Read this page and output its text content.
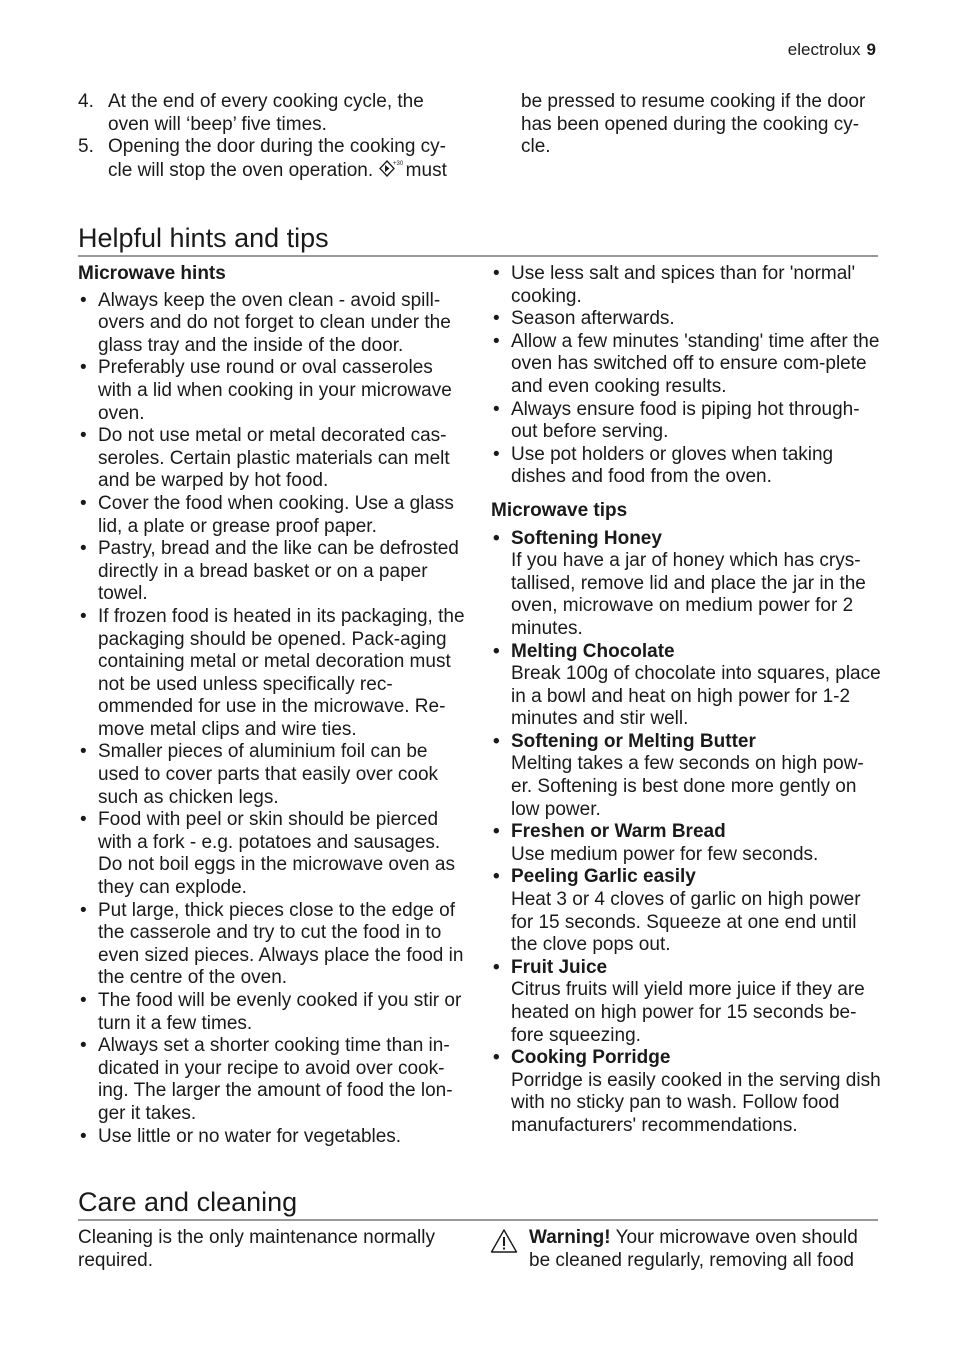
electrolux 9
4. At the end of every cooking cycle, the oven will ‘beep’ five times.
5. Opening the door during the cooking cy-cle will stop the oven operation.	+30 must
be pressed to resume cooking if the door has been opened during the cooking cy-cle.
Helpful hints and tips
Microwave hints
• Always keep the oven clean - avoid spill-overs and do not forget to clean under the glass tray and the inside of the door.
• Preferably use round or oval casseroles with a lid when cooking in your microwave oven.
• Do not use metal or metal decorated cas-seroles. Certain plastic materials can melt and be warped by hot food.
• Cover the food when cooking. Use a glass lid, a plate or grease proof paper.
• Pastry, bread and the like can be defrosted directly in a bread basket or on a paper towel.
• If frozen food is heated in its packaging, the packaging should be opened. Pack-aging containing metal or metal decoration must not be used unless specifically rec-ommended for use in the microwave. Re-move metal clips and wire ties.
• Smaller pieces of aluminium foil can be used to cover parts that easily over cook such as chicken legs.
• Food with peel or skin should be pierced with a fork - e.g. potatoes and sausages. Do not boil eggs in the microwave oven as they can explode.
• Put large, thick pieces close to the edge of the casserole and try to cut the food in to even sized pieces. Always place the food in the centre of the oven.
• The food will be evenly cooked if you stir or turn it a few times.
• Always set a shorter cooking time than in-dicated in your recipe to avoid over cook-ing. The larger the amount of food the lon-ger it takes.
• Use little or no water for vegetables.
• Use less salt and spices than for 'normal' cooking.
• Season afterwards.
• Allow a few minutes 'standing' time after the oven has switched off to ensure com-plete and even cooking results.
• Always ensure food is piping hot through-out before serving.
• Use pot holders or gloves when taking dishes and food from the oven.
Microwave tips
• Softening Honey
If you have a jar of honey which has crys-tallised, remove lid and place the jar in the oven, microwave on medium power for 2 minutes.
• Melting Chocolate
Break 100g of chocolate into squares, place in a bowl and heat on high power for 1-2 minutes and stir well.
• Softening or Melting Butter
Melting takes a few seconds on high pow-er. Softening is best done more gently on low power.
• Freshen or Warm Bread
Use medium power for few seconds.
• Peeling Garlic easily
Heat 3 or 4 cloves of garlic on high power for 15 seconds. Squeeze at one end until the clove pops out.
• Fruit Juice
Citrus fruits will yield more juice if they are heated on high power for 15 seconds be-fore squeezing.
• Cooking Porridge
Porridge is easily cooked in the serving dish with no sticky pan to wash. Follow food manufacturers' recommendations.
Care and cleaning
Cleaning is the only maintenance normally required.
Warning! Your microwave oven should be cleaned regularly, removing all food
